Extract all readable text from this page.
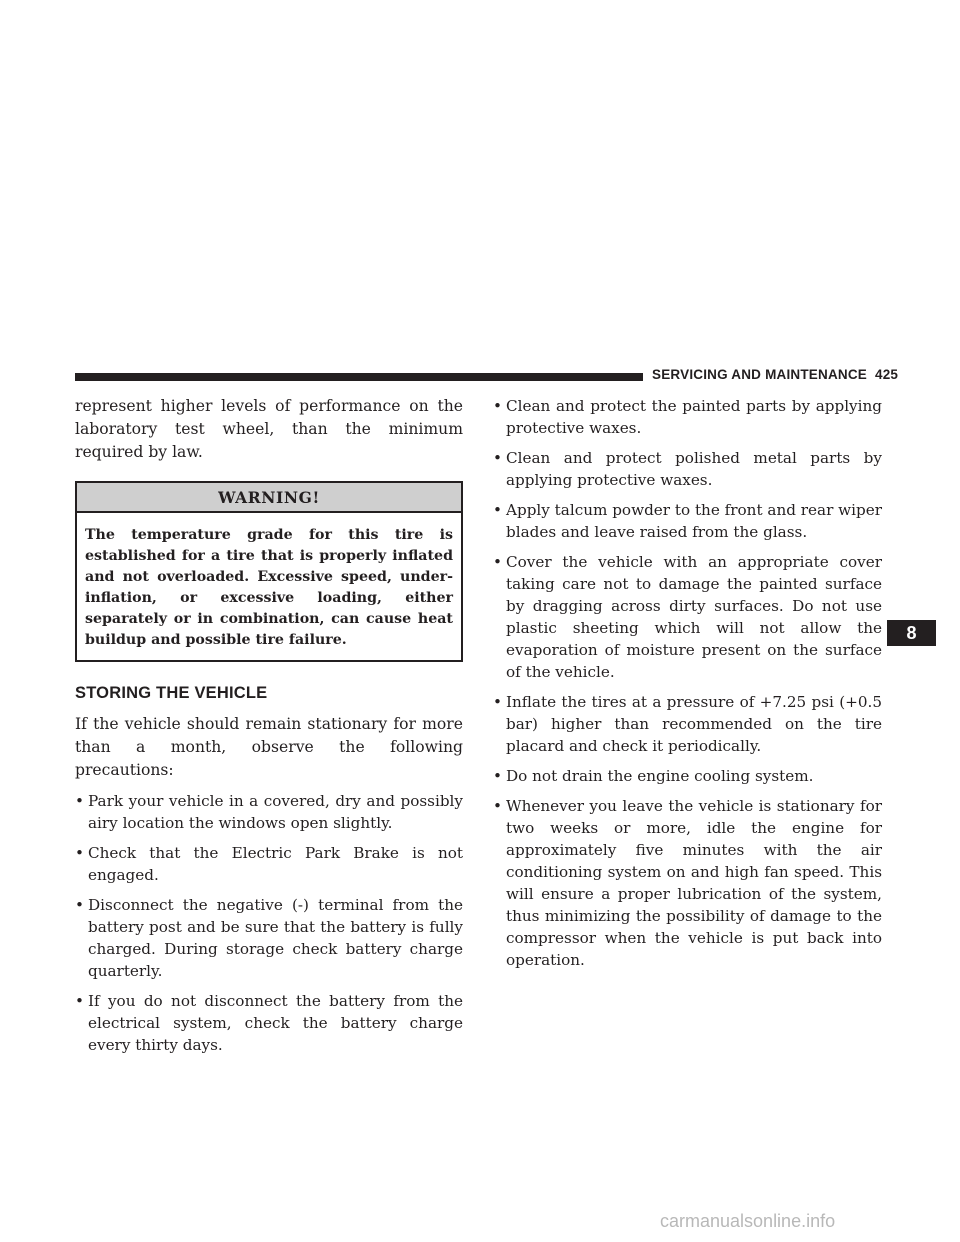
SERVICING AND MAINTENANCE 425

represent higher levels of performance on the laboratory test wheel, than the minimum required by law.

WARNING!
The temperature grade for this tire is established for a tire that is properly inflated and not overloaded. Excessive speed, under-inflation, or excessive loading, either separately or in combination, can cause heat buildup and possible tire failure.
STORING THE VEHICLE

If the vehicle should remain stationary for more than a month, observe the following precautions:

• Park your vehicle in a covered, dry and possibly airy location the windows open slightly.
• Check that the Electric Park Brake is not engaged.
• Disconnect the negative (-) terminal from the battery post and be sure that the battery is fully charged. During storage check battery charge quarterly.
• If you do not disconnect the battery from the electrical system, check the battery charge every thirty days.
• Clean and protect the painted parts by applying protective waxes.
• Clean and protect polished metal parts by applying protective waxes.
• Apply talcum powder to the front and rear wiper blades and leave raised from the glass.
• Cover the vehicle with an appropriate cover taking care not to damage the painted surface by dragging across dirty surfaces. Do not use plastic sheeting which will not allow the evaporation of moisture present on the surface of the vehicle.
• Inflate the tires at a pressure of +7.25 psi (+0.5 bar) higher than recommended on the tire placard and check it periodically.
• Do not drain the engine cooling system.
• Whenever you leave the vehicle is stationary for two weeks or more, idle the engine for approximately five minutes with the air conditioning system on and high fan speed. This will ensure a proper lubrication of the system, thus minimizing the possibility of damage to the compressor when the vehicle is put back into operation.
8
carmanualsonline.info
